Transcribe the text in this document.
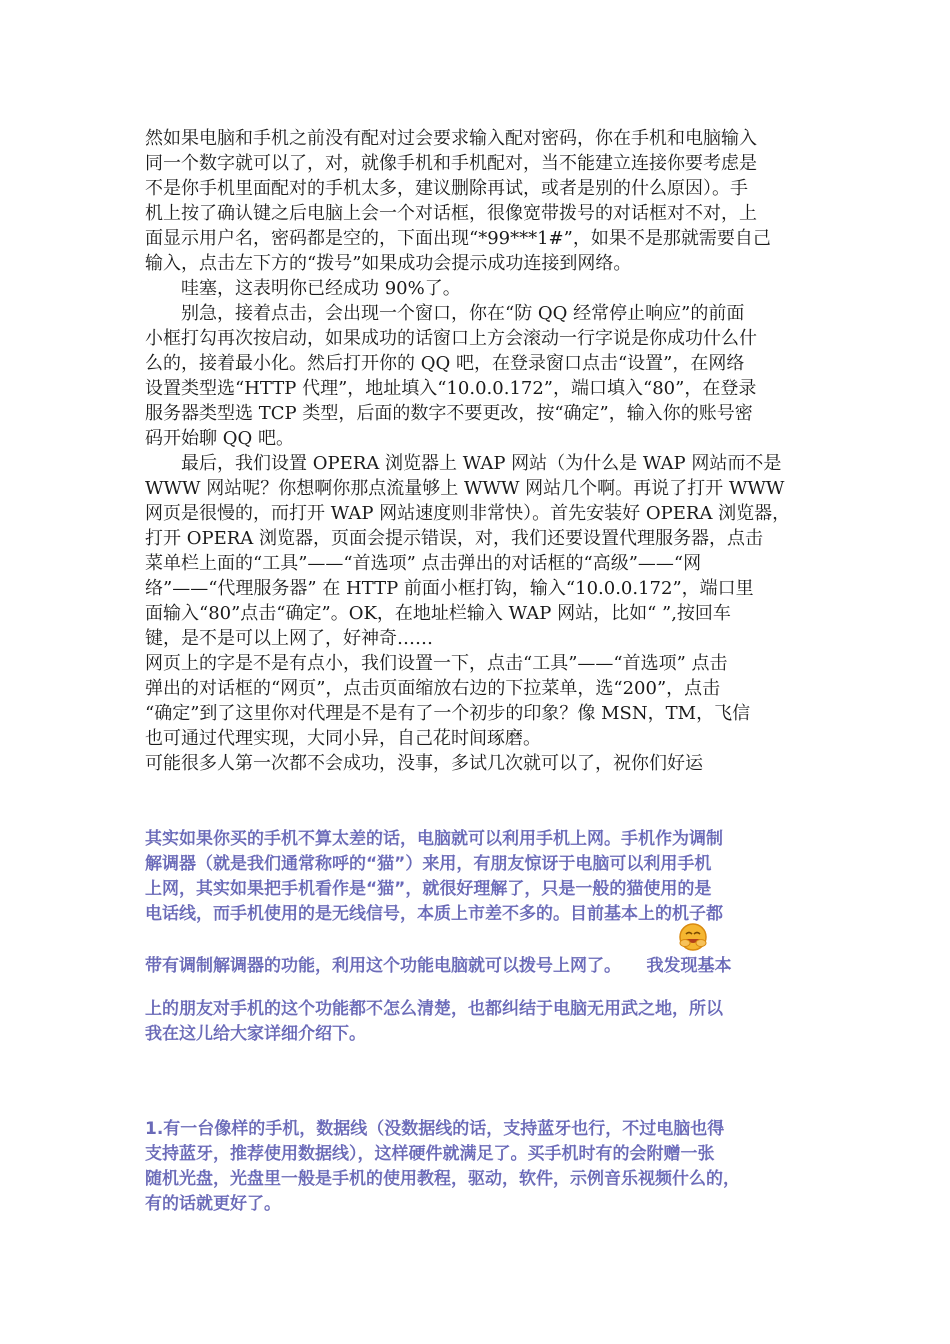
然如果电脑和手机之前没有配对过会要求输入配对密码，你在手机和电脑输入
同一个数字就可以了，对，就像手机和手机配对，当不能建立连接你要考虑是
不是你手机里面配对的手机太多，建议删除再试，或者是别的什么原因）。手
机上按了确认键之后电脑上会一个对话框，很像宽带拨号的对话框对不对，上
面显示用户名，密码都是空的，下面出现“*99***1#”，如果不是那就需要自己
输入，点击左下方的“拨号”如果成功会提示成功连接到网络。
　　哇塞，这表明你已经成功 90%了。
　　别急，接着点击，会出现一个窗口，你在“防 QQ 经常停止响应”的前面
小框打勾再次按启动，如果成功的话窗口上方会滚动一行字说是你成功什么什
么的，接着最小化。然后打开你的 QQ 吧，在登录窗口点击“设置”，在网络
设置类型选“HTTP 代理”，地址填入“10.0.0.172”，端口填入“80”，在登录
服务器类型选 TCP 类型，后面的数字不要更改，按“确定”，输入你的账号密
码开始聊 QQ 吧。
　　最后，我们设置 OPERA 浏览器上 WAP 网站（为什么是 WAP 网站而不是
WWW 网站呢？你想啊你那点流量够上 WWW 网站几个啊。再说了打开 WWW
网页是很慢的，而打开 WAP 网站速度则非常快）。首先安装好 OPERA 浏览器，
打开 OPERA 浏览器，页面会提示错误，对，我们还要设置代理服务器，点击
菜单栏上面的“工具”——“首选项” 点击弹出的对话框的“高级”——“网
络”——“代理服务器” 在 HTTP 前面小框打钩，输入“10.0.0.172”，端口里
面输入“80”点击“确定”。OK，在地址栏输入 WAP 网站，比如“ ”,按回车
键，是不是可以上网了，好神奇……
网页上的字是不是有点小，我们设置一下，点击“工具”——“首选项” 点击
弹出的对话框的“网页”，点击页面缩放右边的下拉菜单，选“200”，点击
“确定”到了这里你对代理是不是有了一个初步的印象？像 MSN，TM，飞信
也可通过代理实现，大同小异，自己花时间琢磨。
可能很多人第一次都不会成功，没事，多试几次就可以了，祝你们好运
其实如果你买的手机不算太差的话，电脑就可以利用手机上网。手机作为调制
解调器（就是我们通常称呼的“猫”）来用，有朋友惊讶于电脑可以利用手机
上网，其实如果把手机看作是“猫”，就很好理解了，只是一般的猫使用的是
电话线，而手机使用的是无线信号，本质上市差不多的。目前基本上的机子都
带有调制解调器的功能，利用这个功能电脑就可以拨号上网了。　　我发现基本
上的朋友对手机的这个功能都不怎么清楚，也都纠结于电脑无用武之地，所以
我在这儿给大家详细介绍下。
1.有一台像样的手机，数据线（没数据线的话，支持蓝牙也行，不过电脑也得
支持蓝牙，推荐使用数据线），这样硬件就满足了。买手机时有的会附赠一张
随机光盘，光盘里一般是手机的使用教程，驱动，软件，示例音乐视频什么的，
有的话就更好了。
